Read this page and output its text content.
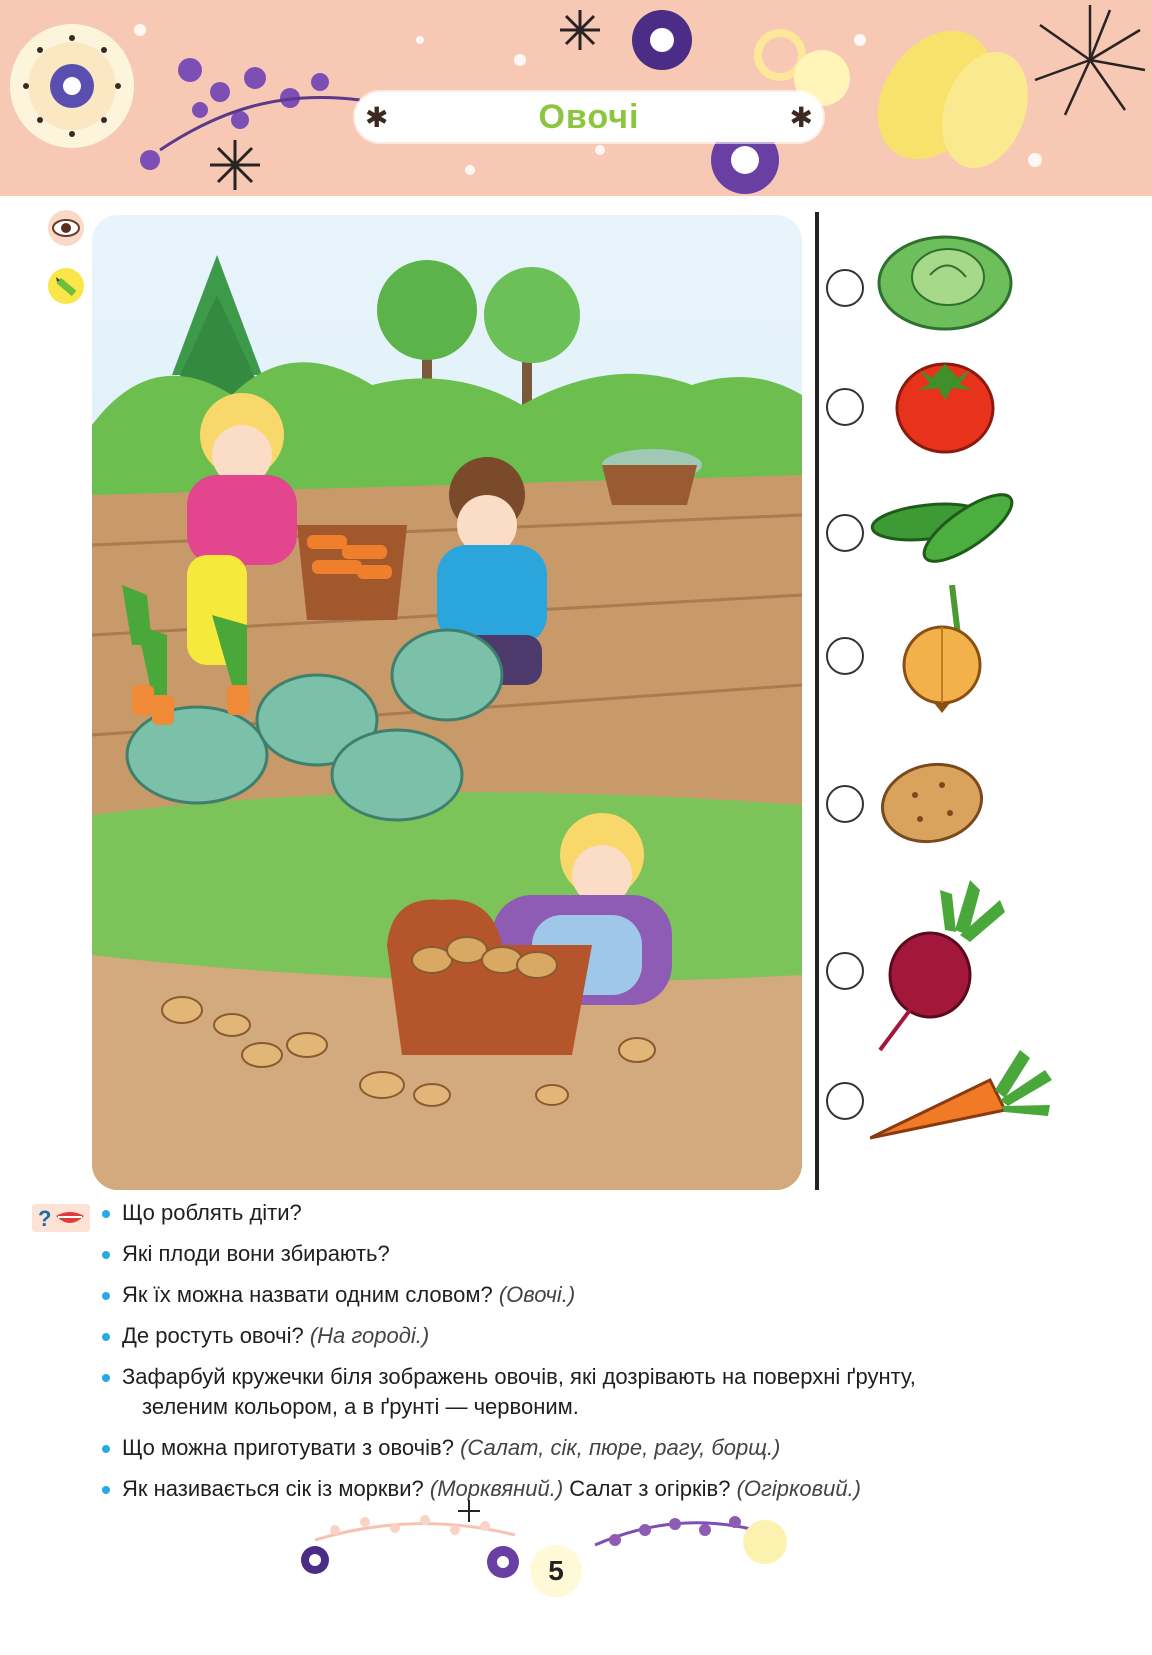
✱	Овочі	✱
?	Що роблять діти?
Які плоди вони збирають?
Як їх можна назвати одним словом? (Овочі.)
Де ростуть овочі? (На городі.)
Зафарбуй кружечки біля зображень овочів, які дозрівають на поверхні ґрунту,
зеленим кольором, а в ґрунті — червоним.
Що можна приготувати з овочів? (Салат, сік, пюре, рагу, борщ.)
Як називається сік із моркви? (Морквяний.) Салат з огірків? (Огірковий.)
5
